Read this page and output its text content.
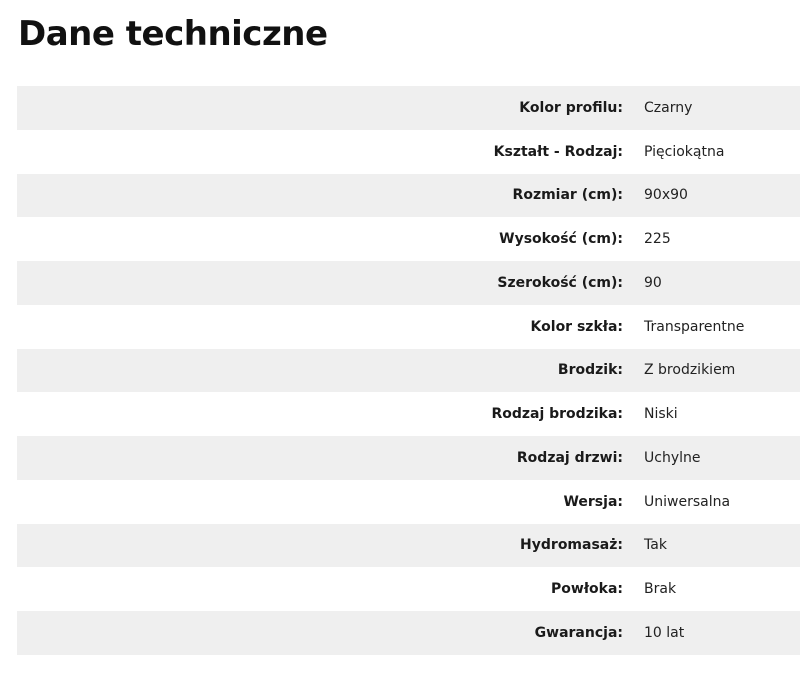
Dane techniczne
Kolor profilu:	Czarny
Kształt - Rodzaj:	Pięciokątna
Rozmiar (cm):	90x90
Wysokość (cm):	225
Szerokość (cm):	90
Kolor szkła:	Transparentne
Brodzik:	Z brodzikiem
Rodzaj brodzika:	Niski
Rodzaj drzwi:	Uchylne
Wersja:	Uniwersalna
Hydromasaż:	Tak
Powłoka:	Brak
Gwarancja:	10 lat
